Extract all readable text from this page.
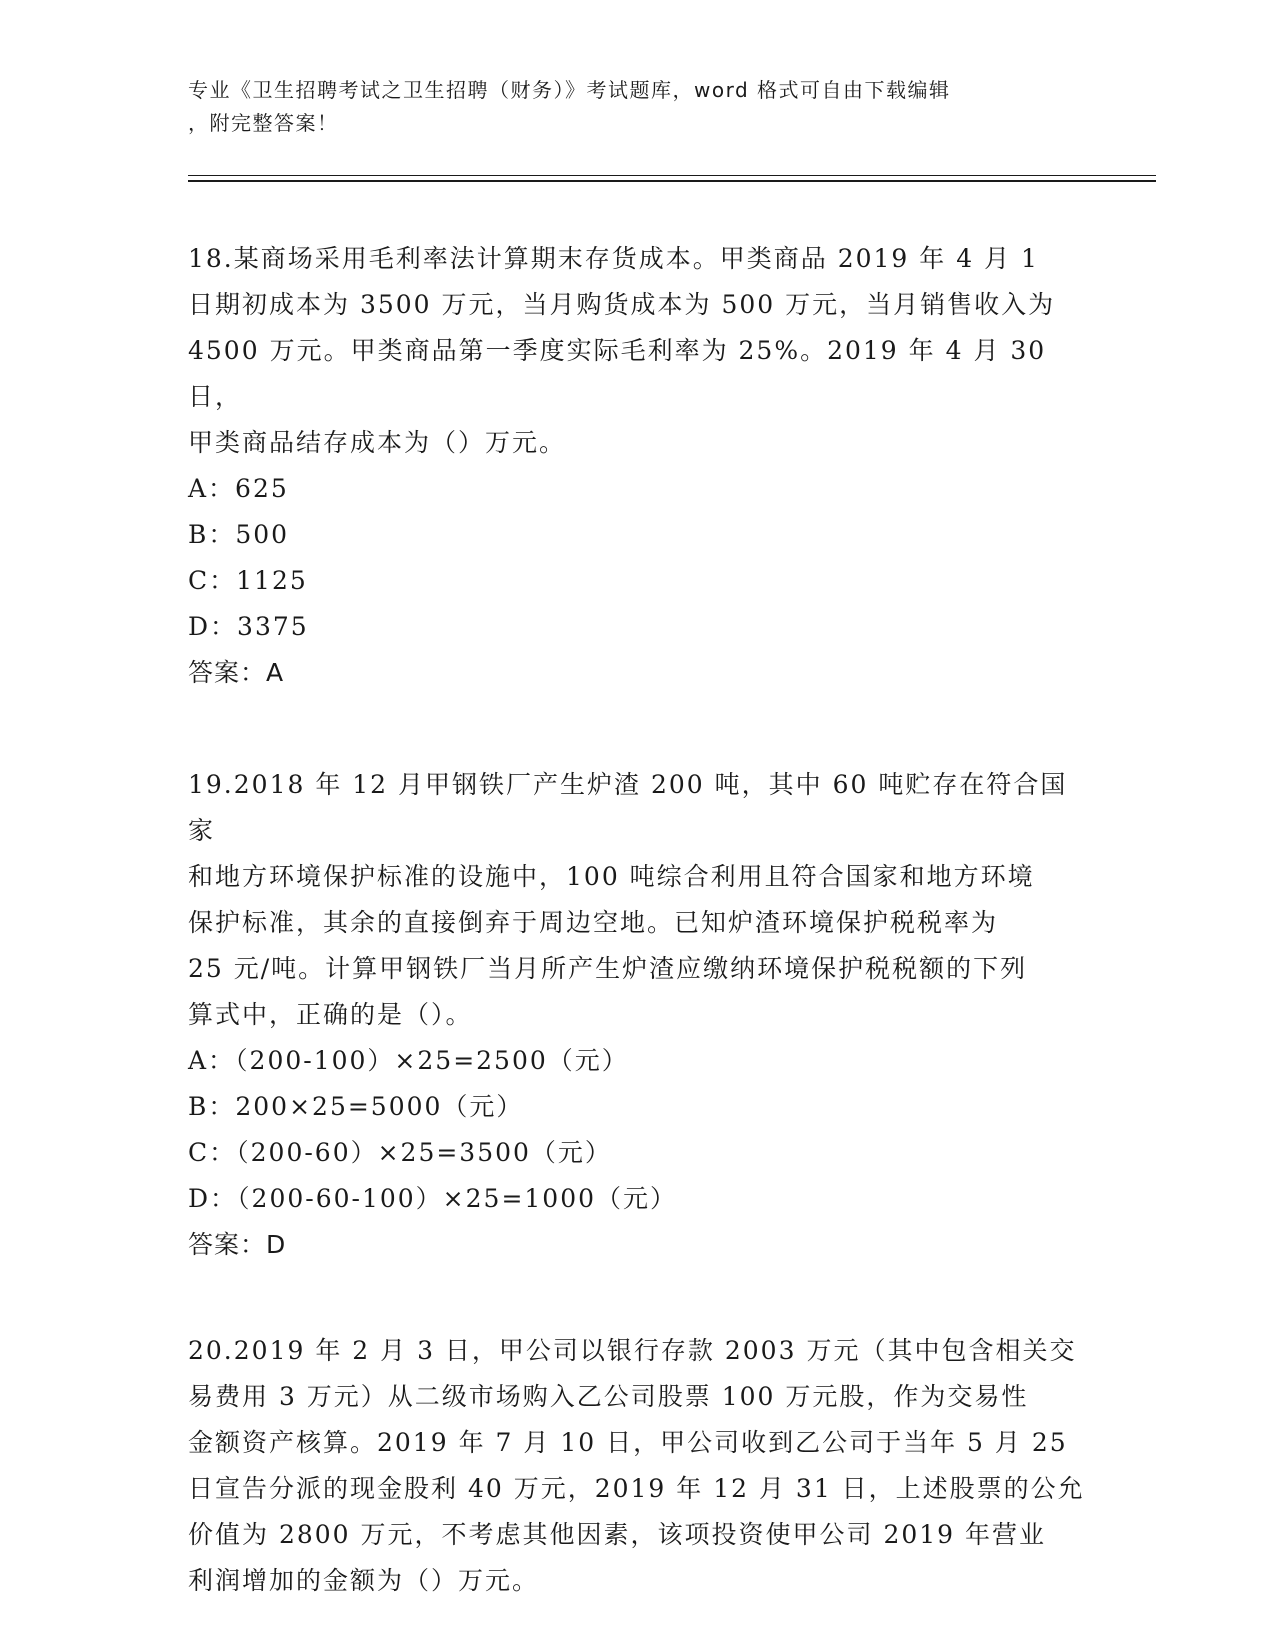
专业《卫生招聘考试之卫生招聘（财务）》考试题库，word 格式可自由下载编辑
，附完整答案！
18.某商场采用毛利率法计算期末存货成本。甲类商品 2019 年 4 月 1
日期初成本为 3500 万元，当月购货成本为 500 万元，当月销售收入为
4500 万元。甲类商品第一季度实际毛利率为 25%。2019 年 4 月 30 日，
甲类商品结存成本为（）万元。
A：625
B：500
C：1125
D：3375
答案：A
19.2018 年 12 月甲钢铁厂产生炉渣 200 吨，其中 60 吨贮存在符合国家
和地方环境保护标准的设施中，100 吨综合利用且符合国家和地方环境
保护标准，其余的直接倒弃于周边空地。已知炉渣环境保护税税率为
25 元/吨。计算甲钢铁厂当月所产生炉渣应缴纳环境保护税税额的下列
算式中，正确的是（）。
A：（200-100）×25=2500（元）
B：200×25=5000（元）
C：（200-60）×25=3500（元）
D：（200-60-100）×25=1000（元）
答案：D
20.2019 年 2 月 3 日，甲公司以银行存款 2003 万元（其中包含相关交
易费用 3 万元）从二级市场购入乙公司股票 100 万元股，作为交易性
金额资产核算。2019 年 7 月 10 日，甲公司收到乙公司于当年 5 月 25
日宣告分派的现金股利 40 万元，2019 年 12 月 31 日，上述股票的公允
价值为 2800 万元，不考虑其他因素，该项投资使甲公司 2019 年营业
利润增加的金额为（）万元。
